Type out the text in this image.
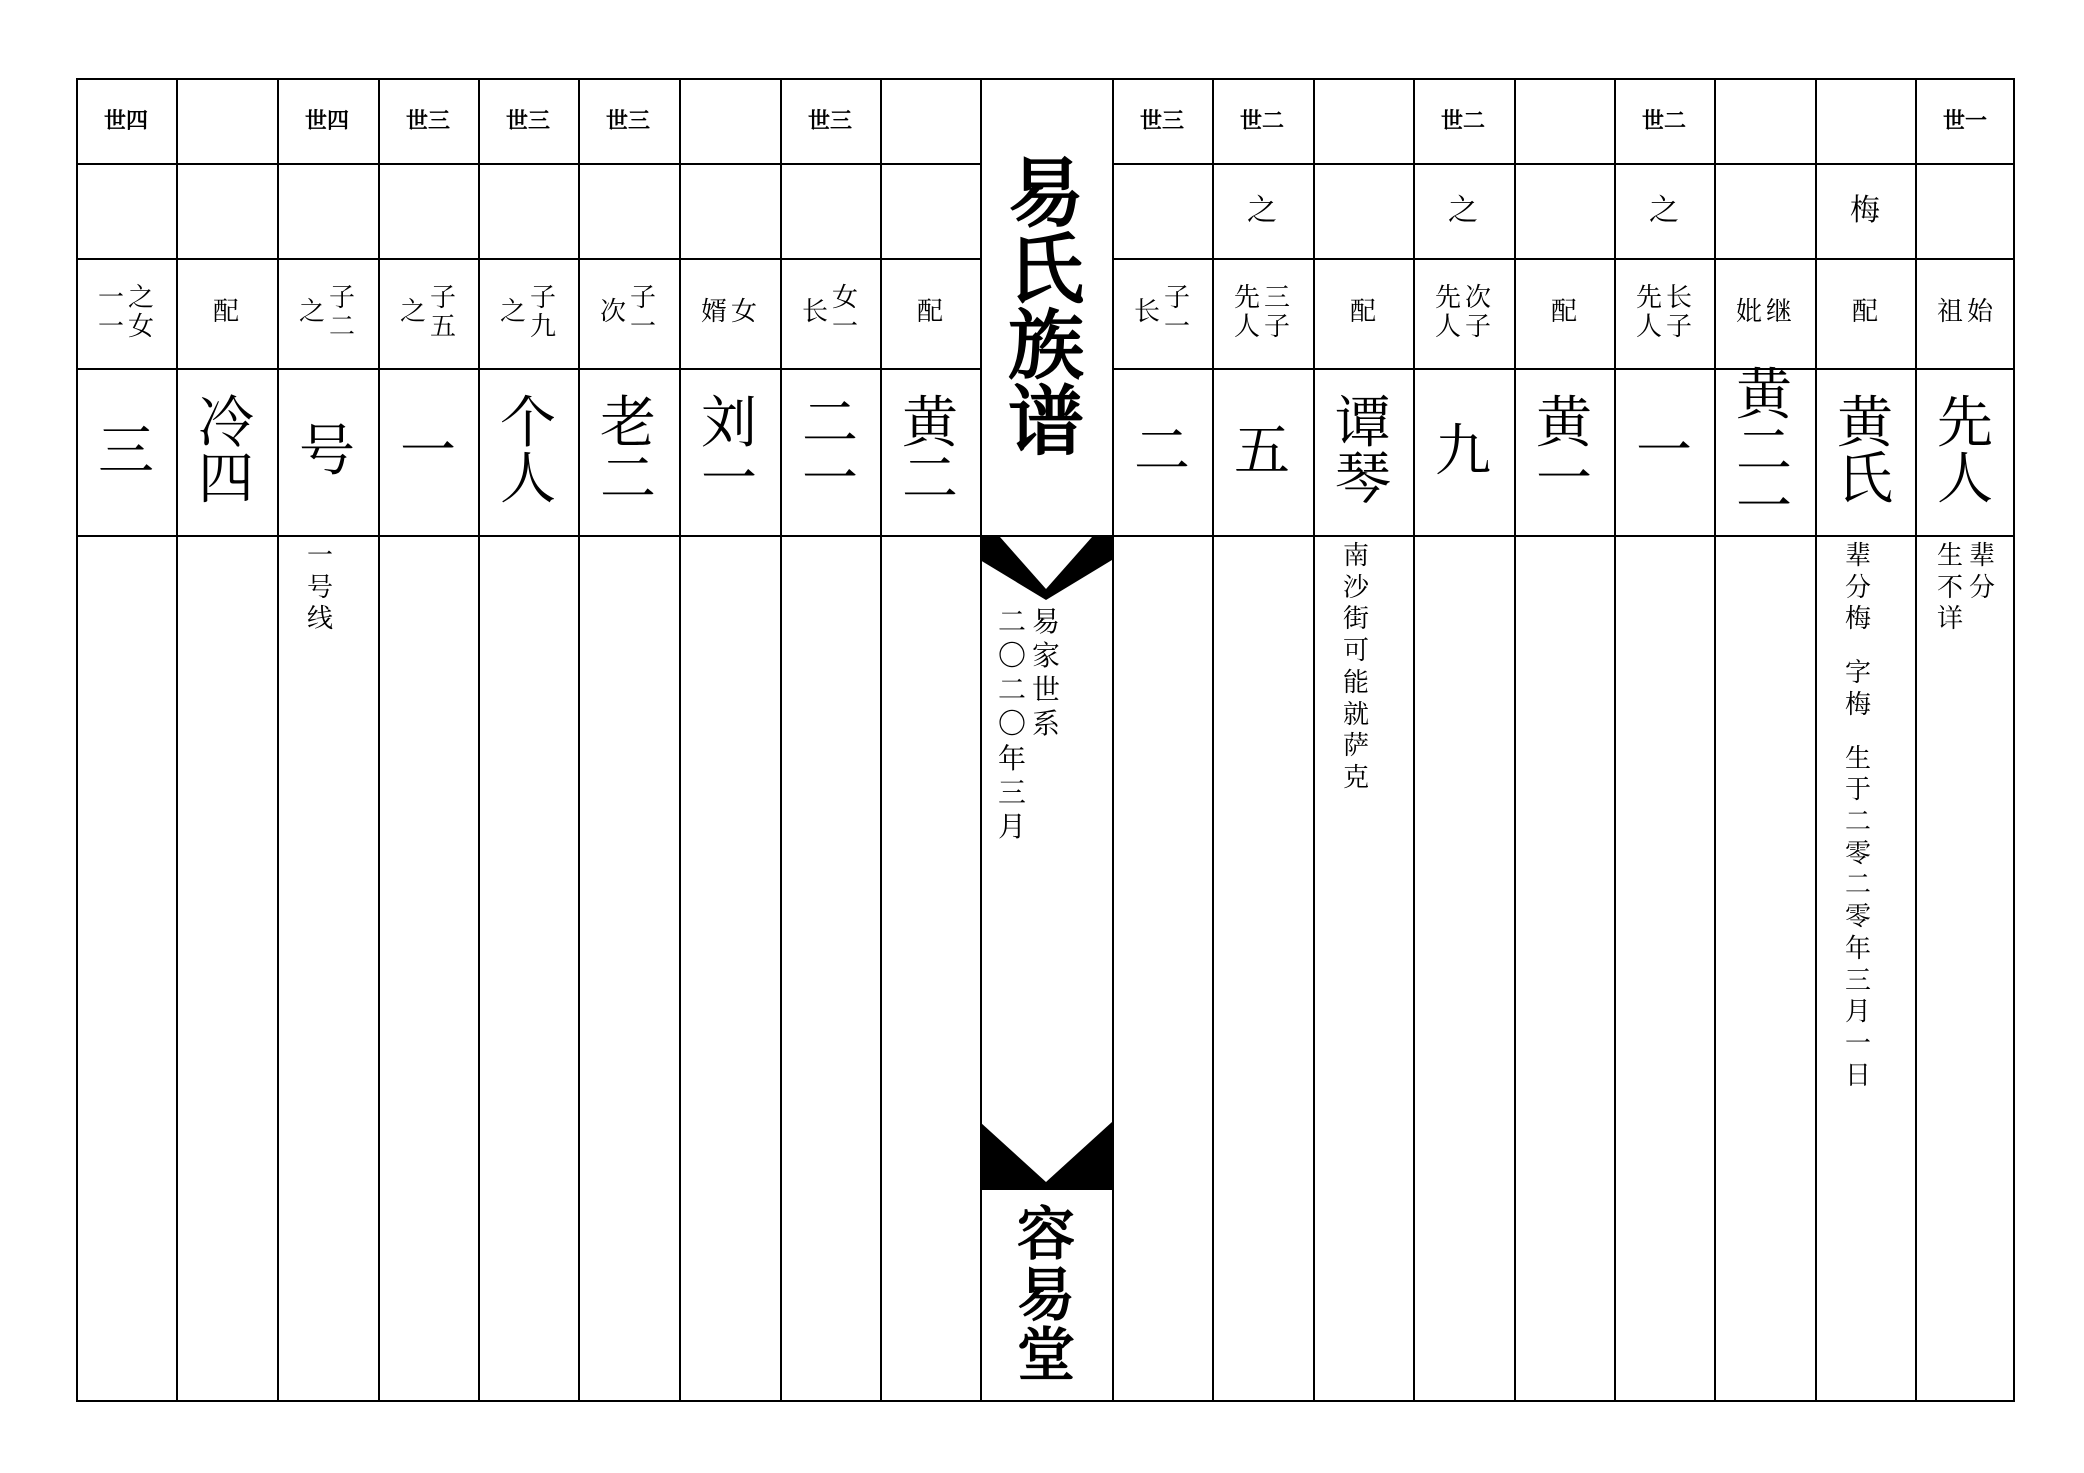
世一
始
祖
先
人
辈
分
生
不
详
梅
配
黄
氏
辈
分
梅
字
梅
生
于
二
零
二
零
年
三
月
一
日
继
妣
黄
二
一
世二
之
先
人
长
子
一
配
黄
一
世二
之
先
人
次
子
九
配
谭
琴
南
沙
街
可
能
就
萨
克
世二
之
先
人
三
子
五
世三
子
一
长
二
配
黄
二
世三
女
一
长
二
一
女
婿
刘
一
世三
子
一
次
老
二
世三
子
九
之
个
人
世三
子
五
之
一
世四
子
二
之
号
一
号
线
配
冷
四
世四
一
一
之
女
三
易
氏
族
谱
易
家
世
系
二
〇
二
〇
年
三
月
容
易
堂
